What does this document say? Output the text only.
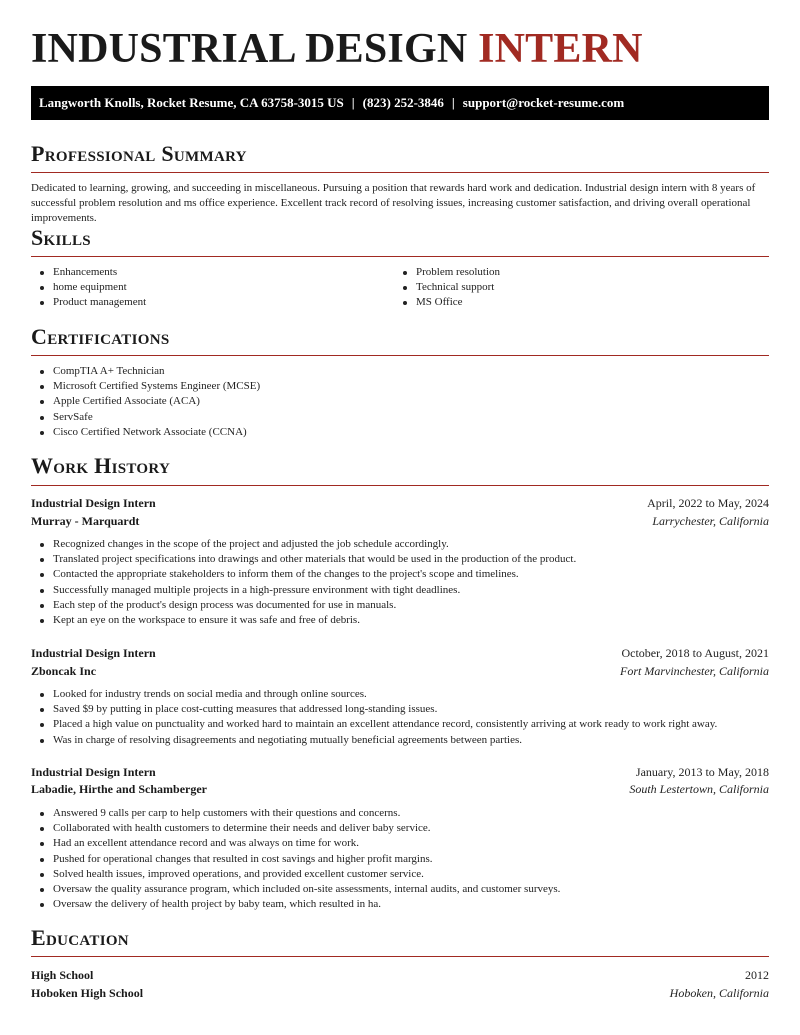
INDUSTRIAL DESIGN INTERN
Langworth Knolls, Rocket Resume, CA 63758-3015 US | (823) 252-3846 | support@rocket-resume.com
Professional Summary

Dedicated to learning, growing, and succeeding in miscellaneous. Pursuing a position that rewards hard work and dedication. Industrial design intern with 8 years of successful problem resolution and ms office experience. Excellent track record of resolving issues, increasing customer satisfaction, and driving overall operational improvements.

Skills
Enhancements
home equipment
Product management
Problem resolution
Technical support
MS Office
Certifications
CompTIA A+ Technician
Microsoft Certified Systems Engineer (MCSE)
Apple Certified Associate (ACA)
ServSafe
Cisco Certified Network Associate (CCNA)
Work History
Industrial Design Intern	April, 2022 to May, 2024
Murray - Marquardt	Larrychester, California
Recognized changes in the scope of the project and adjusted the job schedule accordingly.
Translated project specifications into drawings and other materials that would be used in the production of the product.
Contacted the appropriate stakeholders to inform them of the changes to the project's scope and timelines.
Successfully managed multiple projects in a high-pressure environment with tight deadlines.
Each step of the product's design process was documented for use in manuals.
Kept an eye on the workspace to ensure it was safe and free of debris.
Industrial Design Intern	October, 2018 to August, 2021
Zboncak Inc	Fort Marvinchester, California
Looked for industry trends on social media and through online sources.
Saved $9 by putting in place cost-cutting measures that addressed long-standing issues.
Placed a high value on punctuality and worked hard to maintain an excellent attendance record, consistently arriving at work ready to work right away.
Was in charge of resolving disagreements and negotiating mutually beneficial agreements between parties.
Industrial Design Intern	January, 2013 to May, 2018
Labadie, Hirthe and Schamberger	South Lestertown, California
Answered 9 calls per carp to help customers with their questions and concerns.
Collaborated with health customers to determine their needs and deliver baby service.
Had an excellent attendance record and was always on time for work.
Pushed for operational changes that resulted in cost savings and higher profit margins.
Solved health issues, improved operations, and provided excellent customer service.
Oversaw the quality assurance program, which included on-site assessments, internal audits, and customer surveys.
Oversaw the delivery of health project by baby team, which resulted in ha.
Education
High School	2012
Hoboken High School	Hoboken, California
